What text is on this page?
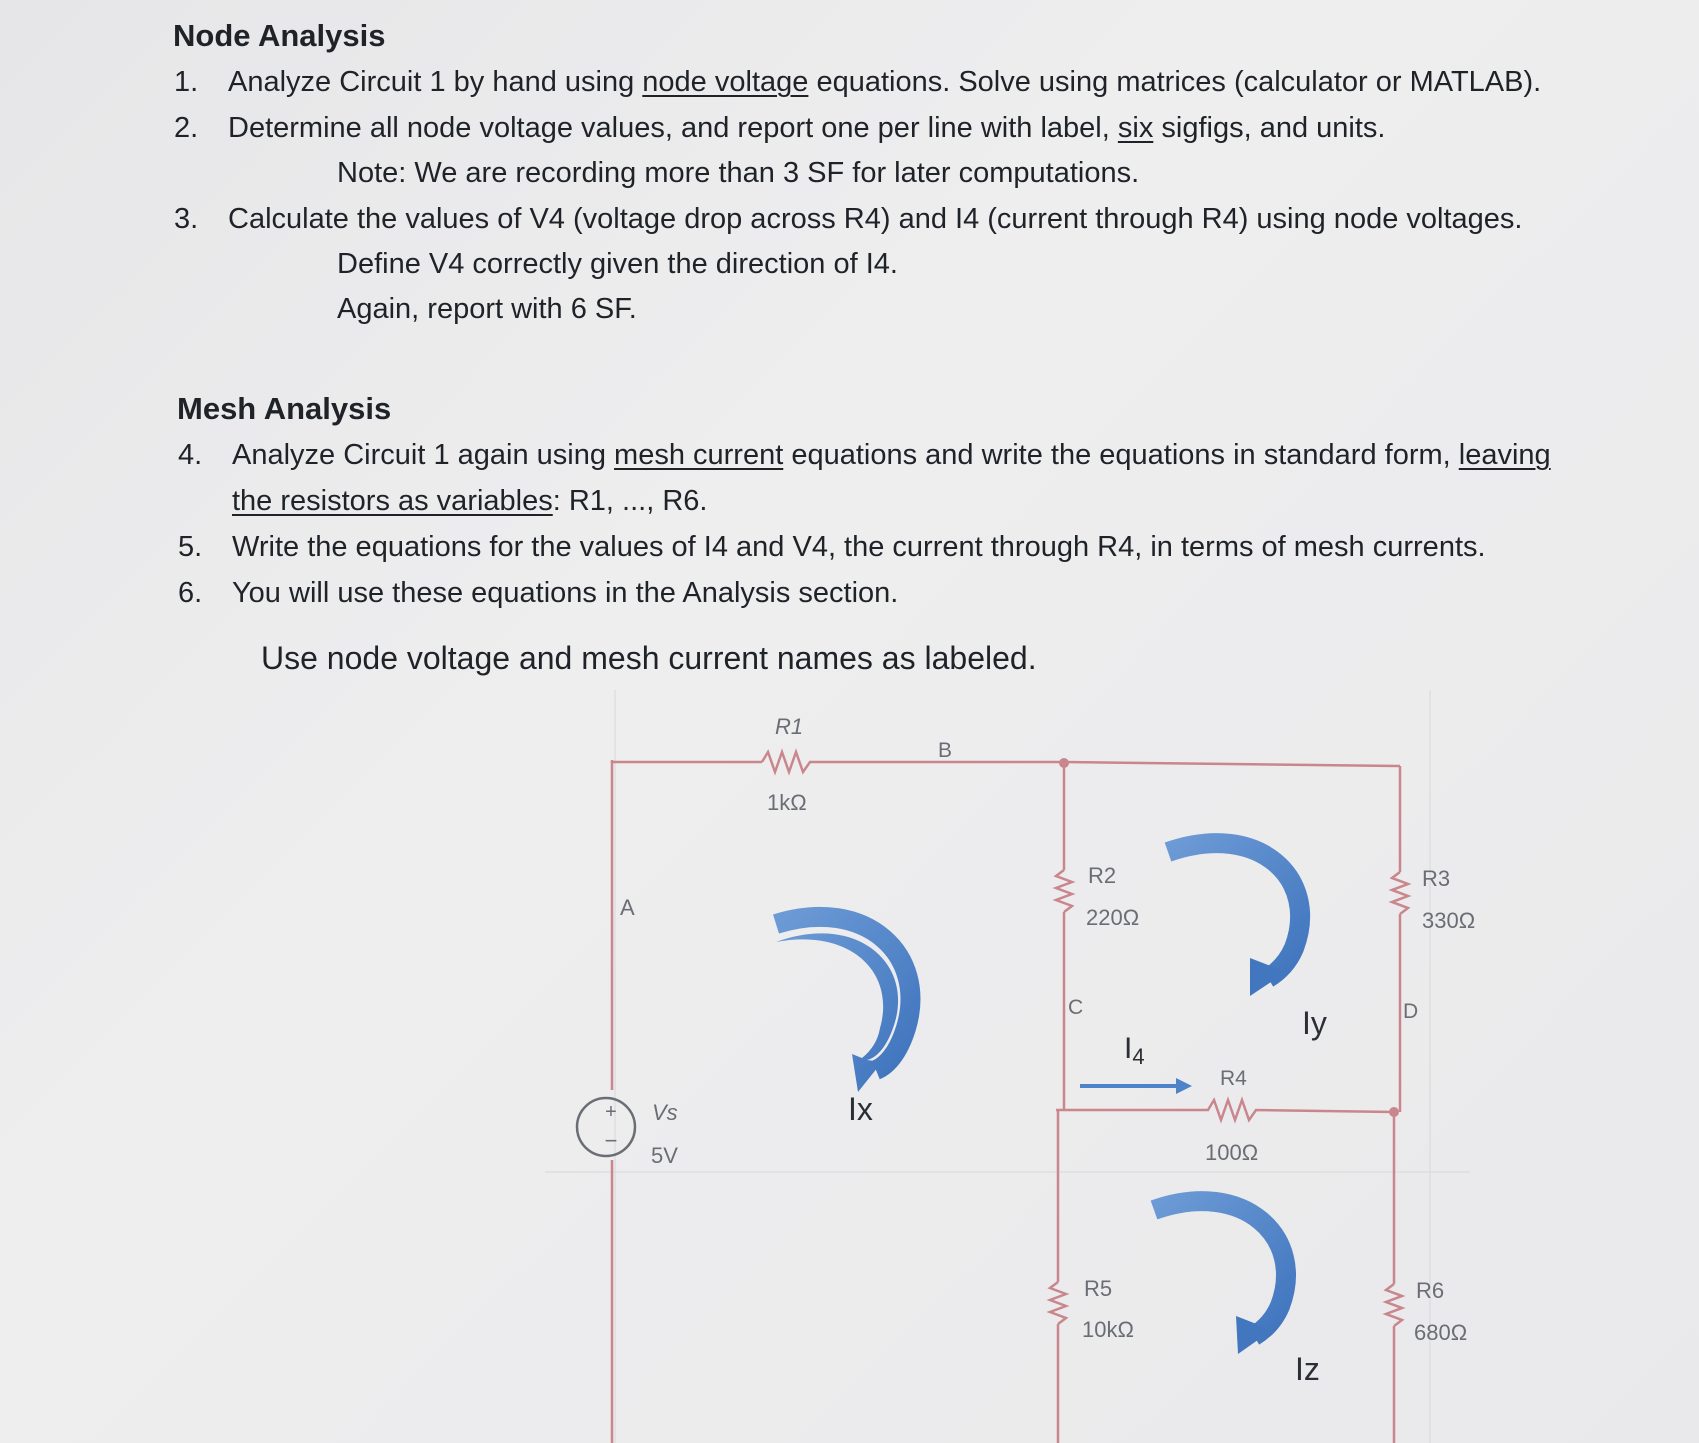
Node Analysis
1. Analyze Circuit 1 by hand using node voltage equations. Solve using matrices (calculator or MATLAB).
2. Determine all node voltage values, and report one per line with label, six sigfigs, and units.
Note: We are recording more than 3 SF for later computations.
3. Calculate the values of V4 (voltage drop across R4) and I4 (current through R4) using node voltages.
Define V4 correctly given the direction of I4.
Again, report with 6 SF.
Mesh Analysis
4. Analyze Circuit 1 again using mesh current equations and write the equations in standard form, leaving
the resistors as variables: R1, ..., R6.
5. Write the equations for the values of I4 and V4, the current through R4, in terms of mesh currents.
6. You will use these equations in the Analysis section.
Use node voltage and mesh current names as labeled.
+
−
R1
1kΩ
B
A
R2
220Ω
R3
330Ω
C	D
R4
100Ω
Vs
5V
R5
10kΩ
R6
680Ω
Ix
Iy
Iz
$I_4$
